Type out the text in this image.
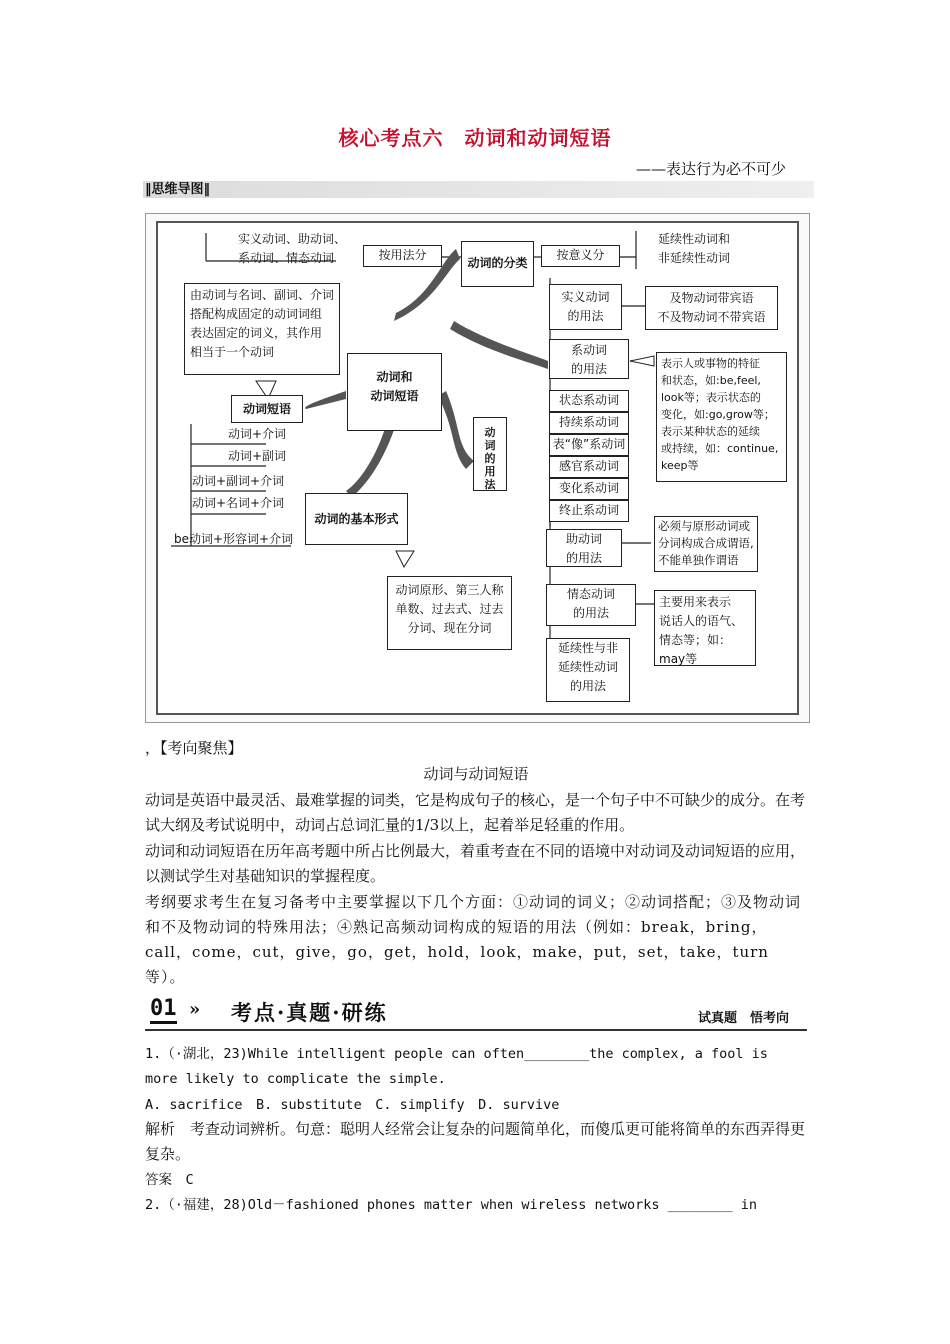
核心考点六　动词和动词短语
——表达行为必不可少
‖思维导图‖
实义动词、助动词、
系动词、情态动词	按用法分
动词的分类
按意义分
延续性动词和
非延续性动词
由动词与名词、副词、介词
搭配构成固定的动词词组
表达固定的词义，其作用
相当于一个动词
动词和
动词短语
动词短语
动词+介词
动词+副词
动词+副词+介词
动词+名词+介词
be动词+形容词+介词
动词的基本形式
动词原形、第三人称
单数、过去式、过去
分词、现在分词
动
词
的
用
法
实义动词
的用法
及物动词带宾语
不及物动词不带宾语
系动词
的用法
状态系动词
持续系动词
表“像”系动词
感官系动词
变化系动词
终止系动词
表示人或事物的特征
和状态，如:be,feel,
look等；表示状态的
变化，如:go,grow等；
表示某种状态的延续
或持续，如：continue,
keep等
助动词
的用法
必须与原形动词或
分词构成合成谓语,
不能单独作谓语
情态动词
的用法
主要用来表示
说话人的语气、
情态等；如：
may等
延续性与非
延续性动词
的用法
，【考向聚焦】
动词与动词短语
动词是英语中最灵活、最难掌握的词类，它是构成句子的核心，是一个句子中不可缺少的成分。在考试大纲及考试说明中，动词占总词汇量的1/3以上，起着举足轻重的作用。
动词和动词短语在历年高考题中所占比例最大，着重考查在不同的语境中对动词及动词短语的应用，以测试学生对基础知识的掌握程度。
考纲要求考生在复习备考中主要掌握以下几个方面：①动词的词义；②动词搭配；③及物动词和不及物动词的特殊用法；④熟记高频动词构成的短语的用法（例如：break，bring，call，come，cut，give，go，get，hold，look，make，put，set，take，turn等）。
01 » 考点·真题·研练	试真题　悟考向
1.（·湖北，23)While intelligent people can often________the complex, a fool is more likely to complicate the simple.
A. sacrifice　B. substitute　C. simplify　D. survive
解析　考查动词辨析。句意：聪明人经常会让复杂的问题简单化，而傻瓜更可能将简单的东西弄得更复杂。
答案　C
2.（·福建，28)Old－fashioned phones matter when wireless networks ________ in
